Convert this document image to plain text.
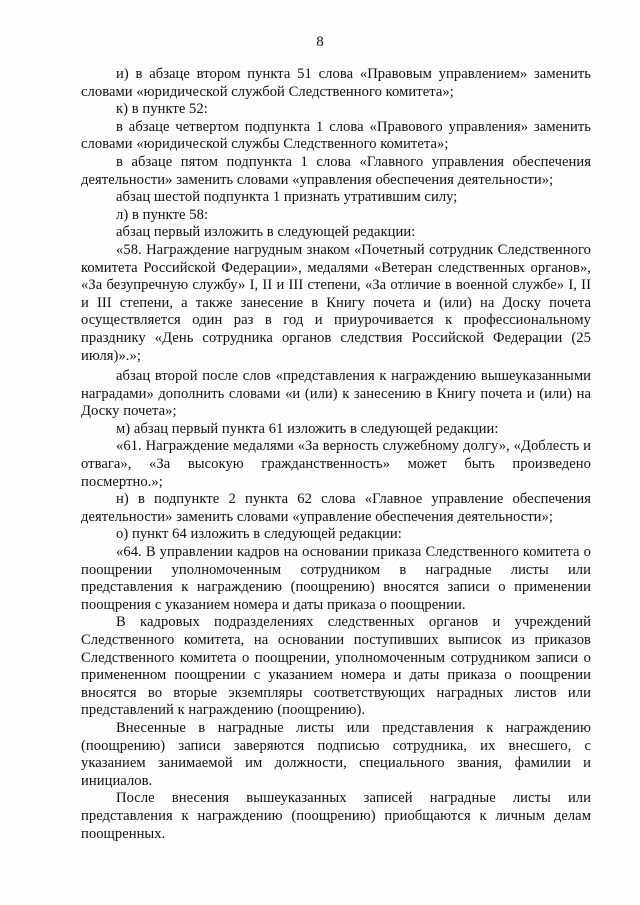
8

и) в абзаце втором пункта 51 слова «Правовым управлением» заменить словами «юридической службой Следственного комитета»;

к) в пункте 52:

в абзаце четвертом подпункта 1 слова «Правового управления» заменить словами «юридической службы Следственного комитета»;

в абзаце пятом подпункта 1 слова «Главного управления обеспечения деятельности» заменить словами «управления обеспечения деятельности»;

абзац шестой подпункта 1 признать утратившим силу;

л) в пункте 58:

абзац первый изложить в следующей редакции:

«58. Награждение нагрудным знаком «Почетный сотрудник Следственного комитета Российской Федерации», медалями «Ветеран следственных органов», «За безупречную службу» I, II и III степени, «За отличие в военной службе» I, II и III степени, а также занесение в Книгу почета и (или) на Доску почета осуществляется один раз в год и приурочивается к профессиональному празднику «День сотрудника органов следствия Российской Федерации (25 июля)».»;

абзац второй после слов «представления к награждению вышеуказанными наградами» дополнить словами «и (или) к занесению в Книгу почета и (или) на Доску почета»;

м) абзац первый пункта 61 изложить в следующей редакции:

«61. Награждение медалями «За верность служебному долгу», «Доблесть и отвага», «За высокую гражданственность» может быть произведено посмертно.»;

н) в подпункте 2 пункта 62 слова «Главное управление обеспечения деятельности» заменить словами «управление обеспечения деятельности»;

о) пункт 64 изложить в следующей редакции:

«64. В управлении кадров на основании приказа Следственного комитета о поощрении уполномоченным сотрудником в наградные листы или представления к награждению (поощрению) вносятся записи о применении поощрения с указанием номера и даты приказа о поощрении.

В кадровых подразделениях следственных органов и учреждений Следственного комитета, на основании поступивших выписок из приказов Следственного комитета о поощрении, уполномоченным сотрудником записи о примененном поощрении с указанием номера и даты приказа о поощрении вносятся во вторые экземпляры соответствующих наградных листов или представлений к награждению (поощрению).

Внесенные в наградные листы или представления к награждению (поощрению) записи заверяются подписью сотрудника, их внесшего, с указанием занимаемой им должности, специального звания, фамилии и инициалов.

После внесения вышеуказанных записей наградные листы или представления к награждению (поощрению) приобщаются к личным делам поощренных.
